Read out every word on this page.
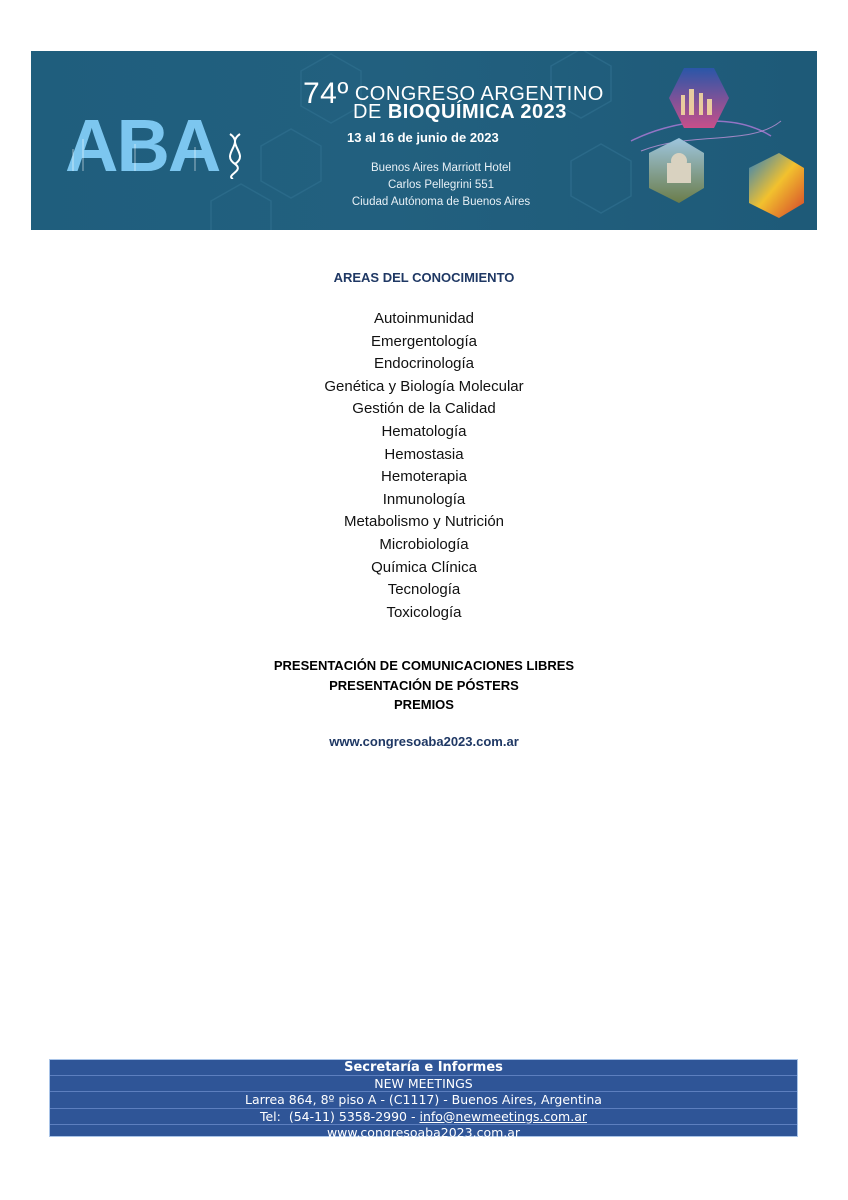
ABA
74º CONGRESO ARGENTINO
DE BIOQUÍMICA 2023
13 al 16 de junio de 2023
Buenos Aires Marriott Hotel
Carlos Pellegrini 551
Ciudad Autónoma de Buenos Aires
AREAS DEL CONOCIMIENTO
Autoinmunidad
Emergentología
Endocrinología
Genética y Biología Molecular
Gestión de la Calidad
Hematología
Hemostasia
Hemoterapia
Inmunología
Metabolismo y Nutrición
Microbiología
Química Clínica
Tecnología
Toxicología
PRESENTACIÓN DE COMUNICACIONES LIBRES
PRESENTACIÓN DE PÓSTERS
PREMIOS
www.congresoaba2023.com.ar
Secretaría e Informes
NEW MEETINGS
Larrea 864, 8º piso A - (C1117) - Buenos Aires, Argentina
Tel:  (54-11) 5358-2990 - info@newmeetings.com.ar
www.congresoaba2023.com.ar
